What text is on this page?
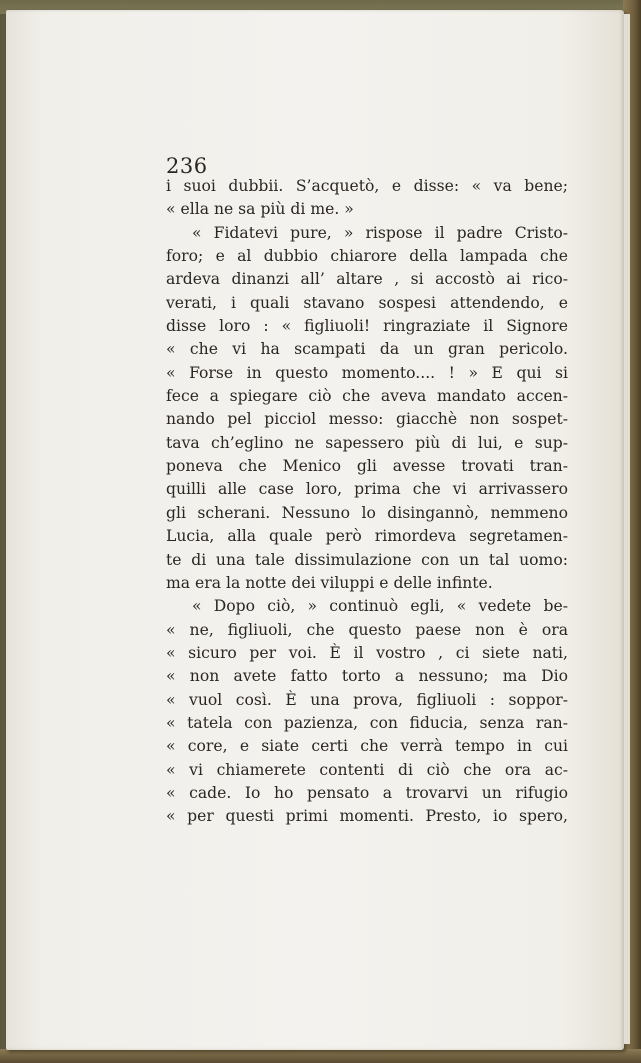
236

i suoi dubbii. S’acquetò, e disse: « va bene;
« ella ne sa più di me. »
« Fidatevi pure, » rispose il padre Cristo-
foro; e al dubbio chiarore della lampada che
ardeva dinanzi all’ altare , si accostò ai rico-
verati, i quali stavano sospesi attendendo, e
disse loro : « figliuoli! ringraziate il Signore
« che vi ha scampati da un gran pericolo.
« Forse in questo momento.... ! » E qui si
fece a spiegare ciò che aveva mandato accen-
nando pel picciol messo: giacchè non sospet-
tava ch’eglino ne sapessero più di lui, e sup-
poneva che Menico gli avesse trovati tran-
quilli alle case loro, prima che vi arrivassero
gli scherani. Nessuno lo disingannò, nemmeno
Lucia, alla quale però rimordeva segretamen-
te di una tale dissimulazione con un tal uomo:
ma era la notte dei viluppi e delle infinte.
« Dopo ciò, » continuò egli, « vedete be-
« ne, figliuoli, che questo paese non è ora
« sicuro per voi. È il vostro , ci siete nati,
« non avete fatto torto a nessuno; ma Dio
« vuol così. È una prova, figliuoli : soppor-
« tatela con pazienza, con fiducia, senza ran-
« core, e siate certi che verrà tempo in cui
« vi chiamerete contenti di ciò che ora ac-
« cade. Io ho pensato a trovarvi un rifugio
« per questi primi momenti. Presto, io spero,
